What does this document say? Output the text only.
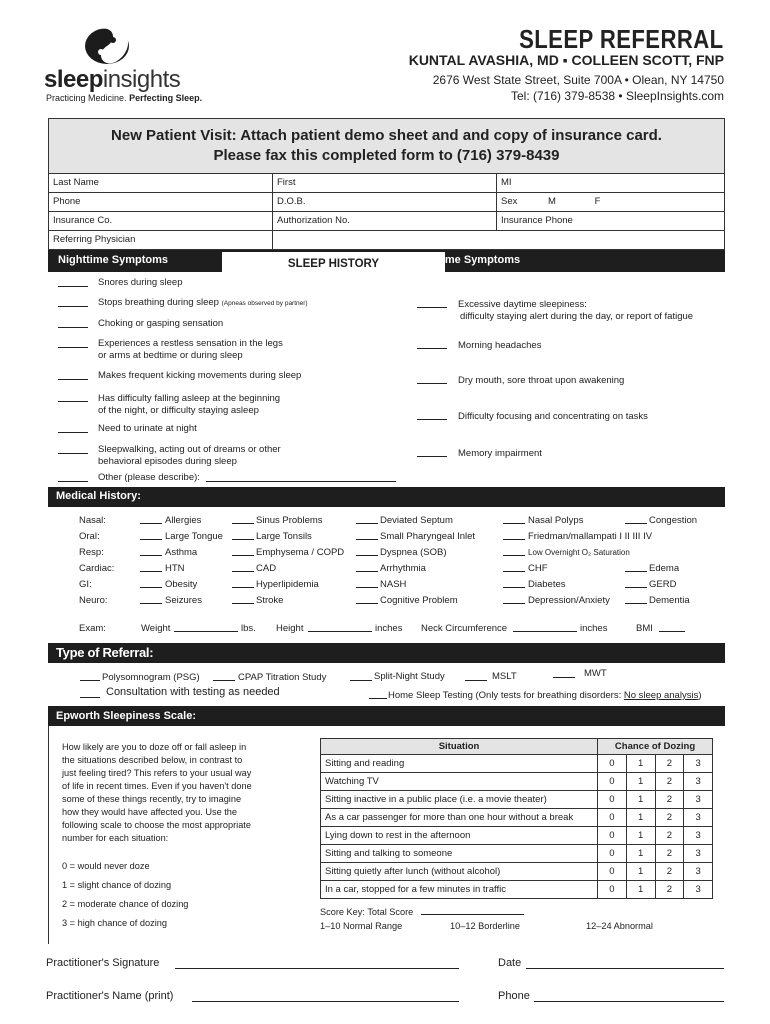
sleepinsights
Practicing Medicine. Perfecting Sleep.
SLEEP REFERRAL
KUNTAL AVASHIA, MD ▪ COLLEEN SCOTT, FNP
2676 West State Street, Suite 700A • Olean, NY 14750
Tel: (716) 379-8538 • SleepInsights.com
New Patient Visit: Attach patient demo sheet and and copy of insurance card.
Please fax this completed form to (716) 379-8439
Last Name	First	MI
Phone	D.O.B.	Sex	M	F
Insurance Co.	Authorization No.	Insurance Phone
Referring Physician
Nighttime Symptoms	SLEEP HISTORY	Daytime Symptoms
Snores during sleep
Stops breathing during sleep (Apneas observed by partner)
Choking or gasping sensation
Experiences a restless sensation in the legs
or arms at bedtime or during sleep
Makes frequent kicking movements during sleep
Has difficulty falling asleep at the beginning
of the night, or difficulty staying asleep
Need to urinate at night
Sleepwalking, acting out of dreams or other
behavioral episodes during sleep
Other (please describe):
Excessive daytime sleepiness:
difficulty staying alert during the day, or report of fatigue
Morning headaches
Dry mouth, sore throat upon awakening
Difficulty focusing and concentrating on tasks
Memory impairment
Medical History:
Nasal:	Allergies	Sinus Problems	Deviated Septum	Nasal Polyps	Congestion
Oral:	Large Tongue	Large Tonsils	Small Pharyngeal Inlet	Friedman/mallampati I II III IV
Resp:	Asthma	Emphysema / COPD	Dyspnea (SOB)	Low Overnight O₂ Saturation
Cardiac:	HTN	CAD	Arrhythmia	CHF	Edema
GI:	Obesity	Hyperlipidemia	NASH	Diabetes	GERD
Neuro:	Seizures	Stroke	Cognitive Problem	Depression/Anxiety	Dementia
Exam:	Weight	lbs. Height	inches Neck Circumference	inches	BMI
Type of Referral:
Polysomnogram (PSG)	CPAP Titration Study	Split-Night Study	MSLT	MWT
Consultation with testing as needed	Home Sleep Testing (Only tests for breathing disorders: No sleep analysis)
Epworth Sleepiness Scale:
How likely are you to doze off or fall asleep in
the situations described below, in contrast to
just feeling tired? This refers to your usual way
of life in recent times. Even if you haven't done
some of these things recently, try to imagine
how they would have affected you. Use the
following scale to choose the most appropriate
number for each situation:
0 = would never doze
1 = slight chance of dozing
2 = moderate chance of dozing
3 = high chance of dozing
Situation	Chance of Dozing			
Sitting and reading	0	1	2	3
Watching TV	0	1	2	3
Sitting inactive in a public place (i.e. a movie theater)	0	1	2	3
As a car passenger for more than one hour without a break	0	1	2	3
Lying down to rest in the afternoon	0	1	2	3
Sitting and talking to someone	0	1	2	3
Sitting quietly after lunch (without alcohol)	0	1	2	3
In a car, stopped for a few minutes in traffic	0	1	2	3
Score Key: Total Score
1–10 Normal Range	10–12 Borderline	12–24 Abnormal
Practitioner's Signature	Date
Practitioner's Name (print)	Phone
